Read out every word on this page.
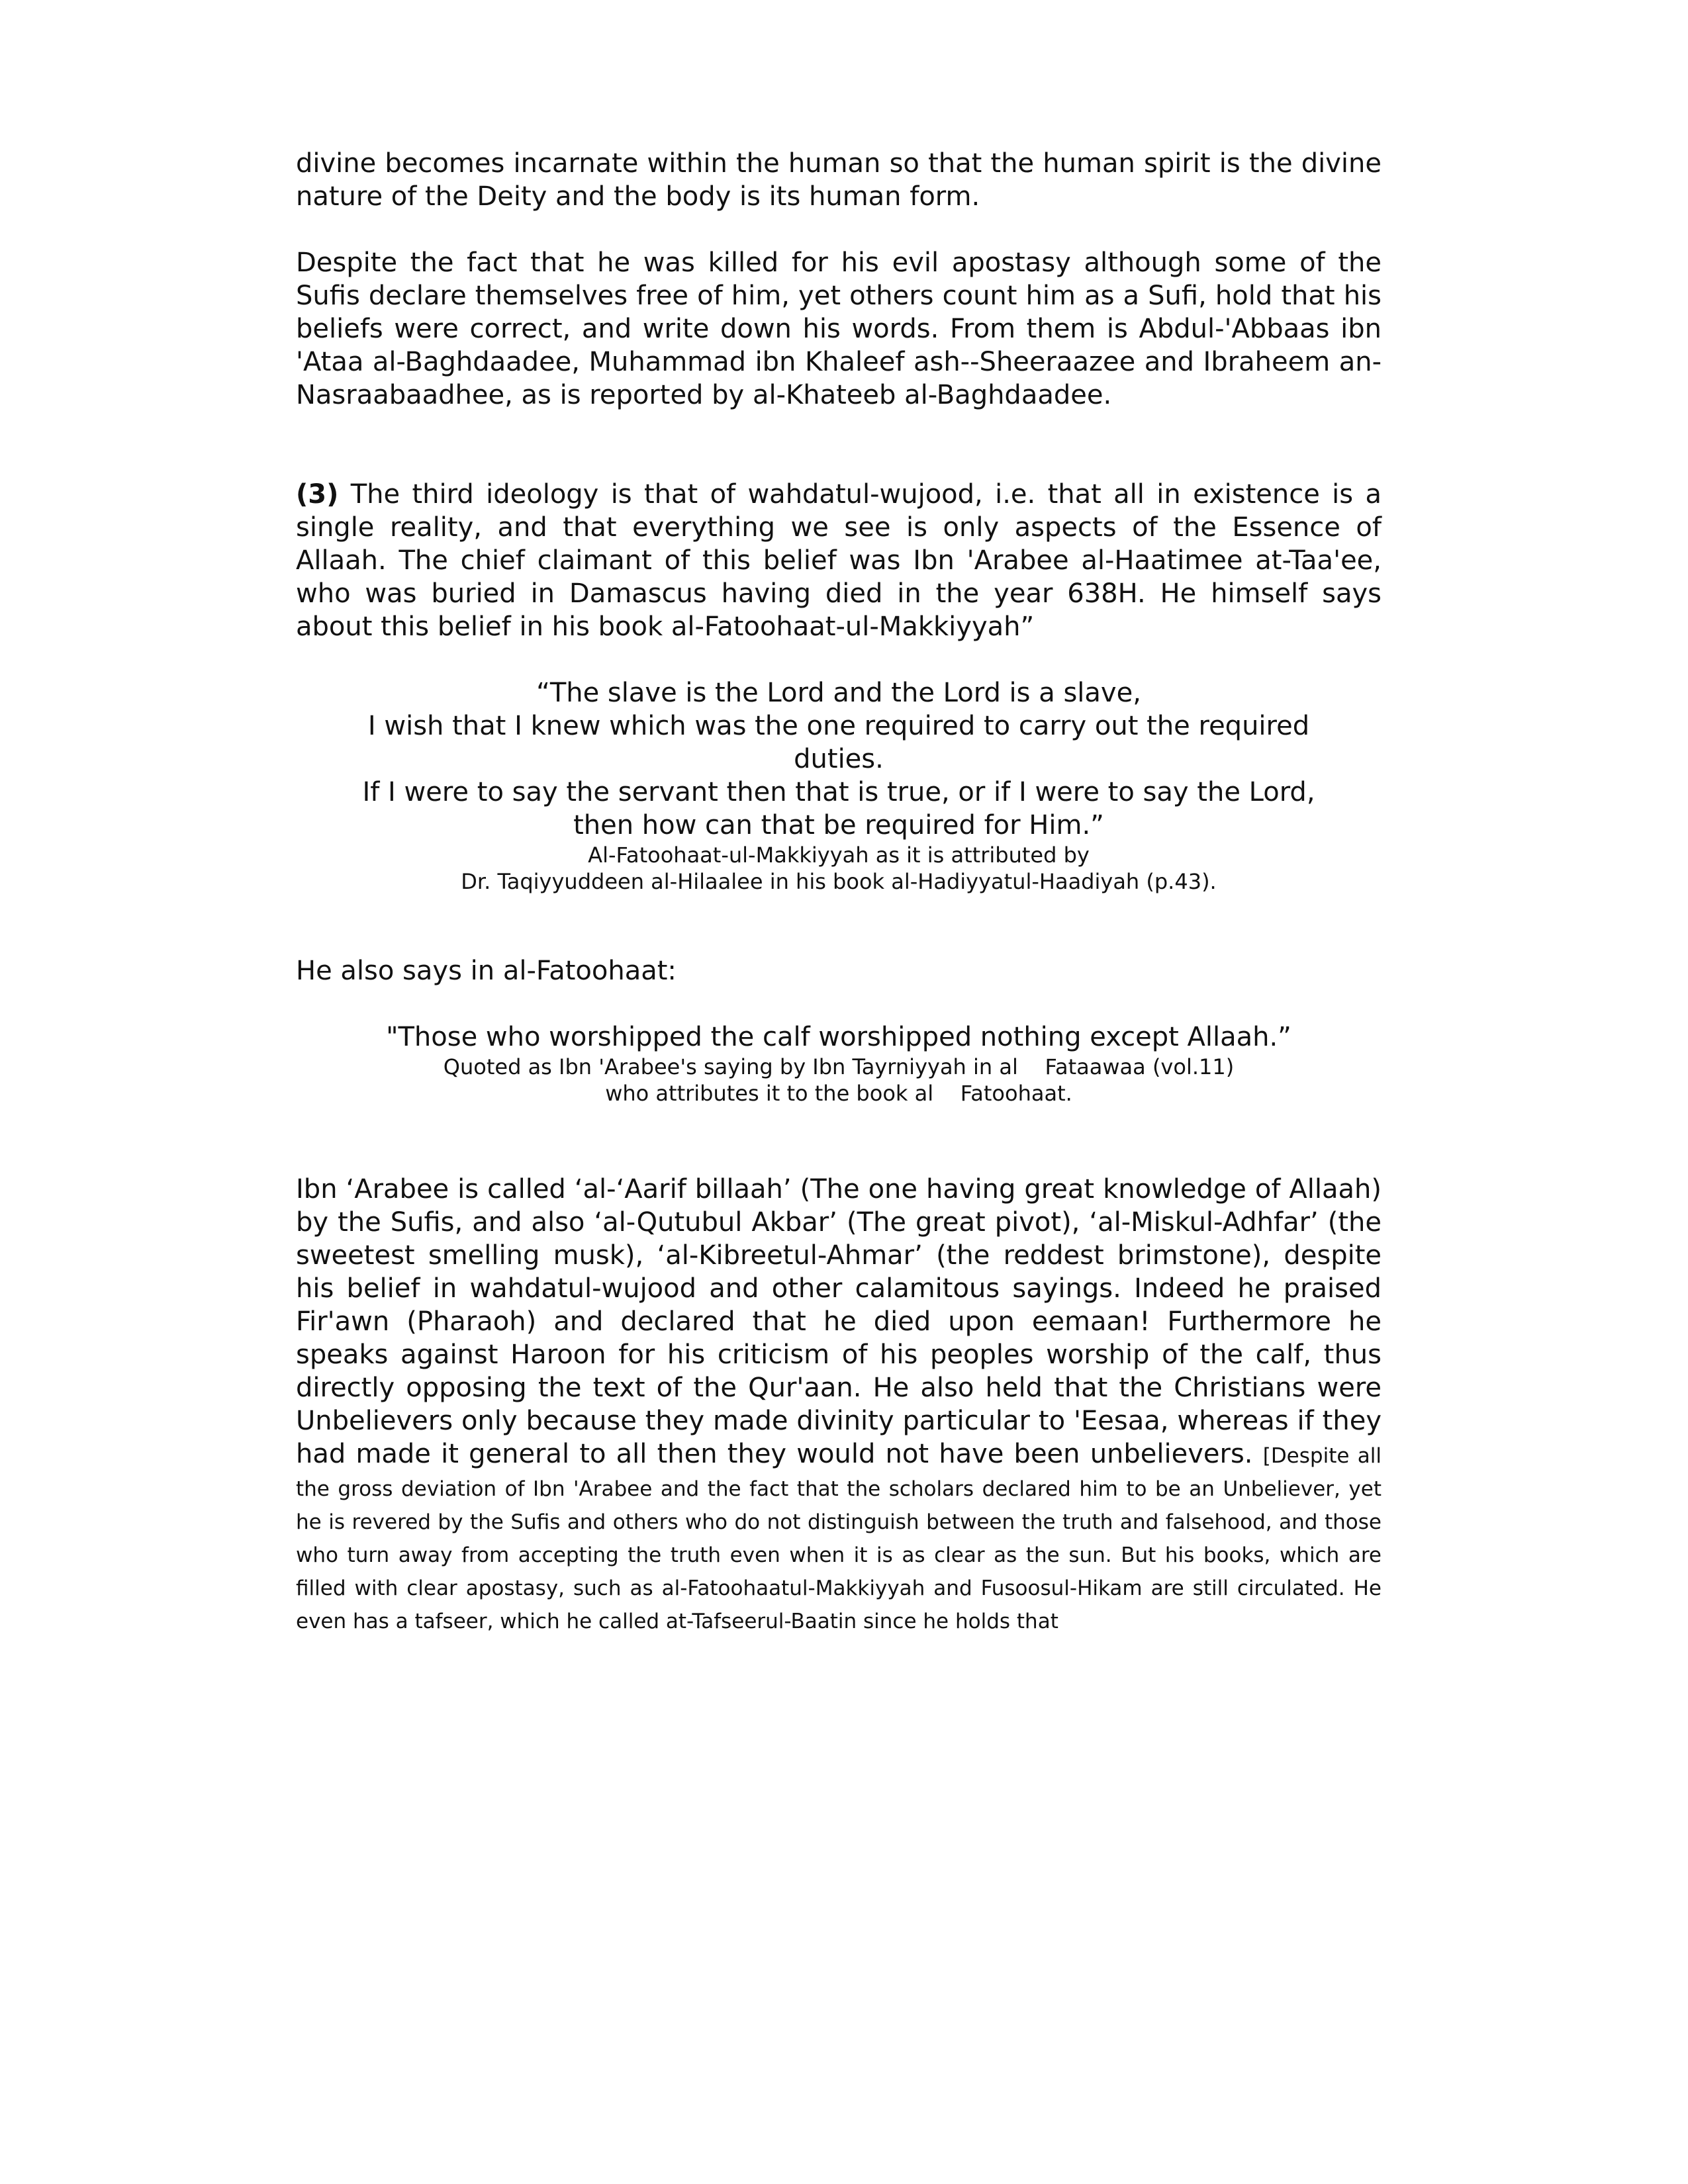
divine becomes incarnate within the human so that the human spirit is the divine nature of the Deity and the body is its human form.

Despite the fact that he was killed for his evil apostasy although some of the Sufis declare themselves free of him, yet others count him as a Sufi, hold that his beliefs were correct, and write down his words. From them is Abdul-'Abbaas ibn 'Ataa al-Baghdaadee, Muhammad ibn Khaleef ash--Sheeraazee and Ibraheem an-Nasraabaadhee, as is reported by al-Khateeb al-Baghdaadee.

(3) The third ideology is that of wahdatul-wujood, i.e. that all in existence is a single reality, and that everything we see is only aspects of the Essence of Allaah. The chief claimant of this belief was Ibn 'Arabee al-Haatimee at-Taa'ee, who was buried in Damascus having died in the year 638H. He himself says about this belief in his book al-Fatoohaat-ul-Makkiyyah”

“The slave is the Lord and the Lord is a slave,

I wish that I knew which was the one required to carry out the required

duties.

If I were to say the servant then that is true, or if I were to say the Lord,

then how can that be required for Him.”

Al-Fatoohaat-ul-Makkiyyah as it is attributed by

Dr. Taqiyyuddeen al-Hilaalee in his book al-Hadiyyatul-Haadiyah (p.43).

He also says in al-Fatoohaat:

"Those who worshipped the calf worshipped nothing except Allaah.”

Quoted as Ibn 'Arabee's saying by Ibn Tayrniyyah in al    Fataawaa (vol.11)

who attributes it to the book al    Fatoohaat.

Ibn ‘Arabee is called ‘al-‘Aarif billaah’ (The one having great knowledge of Allaah) by the Sufis, and also ‘al-Qutubul Akbar’ (The great pivot), ‘al-Miskul-Adhfar’ (the sweetest smelling musk), ‘al-Kibreetul-Ahmar’ (the reddest brimstone), despite his belief in wahdatul-wujood and other calamitous sayings. Indeed he praised Fir'awn (Pharaoh) and declared that he died upon eemaan! Furthermore he speaks against Haroon for his criticism of his peoples worship of the calf, thus directly opposing the text of the Qur'aan. He also held that the Christians were Unbelievers only because they made divinity particular to 'Eesaa, whereas if they had made it general to all then they would not have been unbelievers. [Despite all the gross deviation of Ibn 'Arabee and the fact that the scholars declared him to be an Unbeliever, yet he is revered by the Sufis and others who do not distinguish between the truth and falsehood, and those who turn away from accepting the truth even when it is as clear as the sun. But his books, which are filled with clear apostasy, such as al-Fatoohaatul-Makkiyyah and Fusoosul-Hikam are still circulated. He even has a tafseer, which he called at-Tafseerul-Baatin since he holds that
